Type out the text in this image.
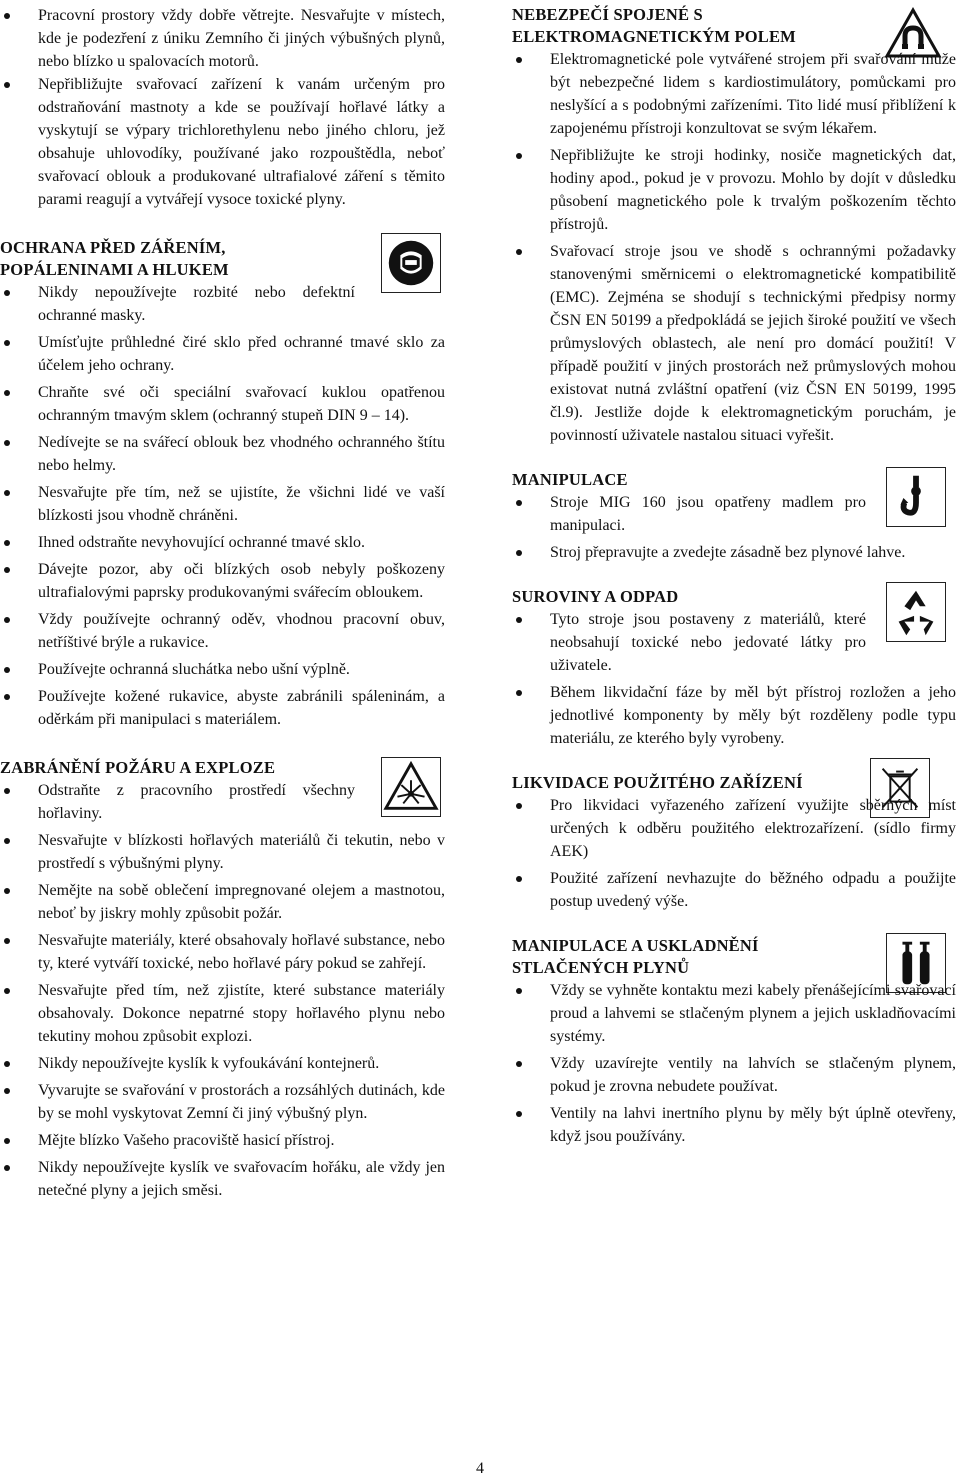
Pracovní prostory vždy dobře větrejte. Nesvařujte v místech, kde je podezření z úniku Zemního či jiných výbušných plynů, nebo blízko u spalovacích motorů.
Nepřibližujte svařovací zařízení k vanám určeným pro odstraňování mastnoty a kde se používají hořlavé látky a vyskytují se výpary trichlorethylenu nebo jiného chloru, jež obsahuje uhlovodíky, používané jako rozpouštědla, neboť svařovací oblouk a produkované ultrafialové záření s těmito parami reagují a vytvářejí vysoce toxické plyny.

OCHRANA PŘED ZÁŘENÍM,
POPÁLENINAMI A HLUKEM

Nikdy nepoužívejte rozbité nebo defektní ochranné masky.
Umísťujte průhledné čiré sklo před ochranné tmavé sklo za účelem jeho ochrany.
Chraňte své oči speciální svařovací kuklou opatřenou ochranným tmavým sklem (ochranný stupeň DIN 9 – 14).
Nedívejte se na svářecí oblouk bez vhodného ochranného štítu nebo helmy.
Nesvařujte pře tím, než se ujistíte, že všichni lidé ve vaší blízkosti jsou vhodně chráněni.
Ihned odstraňte nevyhovující ochranné tmavé sklo.
Dávejte pozor, aby oči blízkých osob nebyly poškozeny ultrafialovými paprsky produkovanými svářecím obloukem.
Vždy používejte ochranný oděv, vhodnou pracovní obuv, netříštivé brýle a rukavice.
Používejte ochranná sluchátka nebo ušní výplně.
Používejte kožené rukavice, abyste zabránili spáleninám, a oděrkám při manipulaci s materiálem.

ZABRÁNĚNÍ POŽÁRU A EXPLOZE

Odstraňte z pracovního prostředí všechny hořlaviny.
Nesvařujte v blízkosti hořlavých materiálů či tekutin, nebo v prostředí s výbušnými plyny.
Nemějte na sobě oblečení impregnované olejem a mastnotou, neboť by jiskry mohly způsobit požár.
Nesvařujte materiály, které obsahovaly hořlavé substance, nebo ty, které vytváří toxické, nebo hořlavé páry pokud se zahřejí.
Nesvařujte před tím, než zjistíte, které substance materiály obsahovaly. Dokonce nepatrné stopy hořlavého plynu nebo tekutiny mohou způsobit explozi.
Nikdy nepoužívejte kyslík k vyfoukávání kontejnerů.
Vyvarujte se svařování v prostorách a rozsáhlých dutinách, kde by se mohl vyskytovat Zemní či jiný výbušný plyn.
Mějte blízko Vašeho pracoviště hasicí přístroj.
Nikdy nepoužívejte kyslík ve svařovacím hořáku, ale vždy jen netečné plyny a jejich směsi.

NEBEZPEČÍ SPOJENÉ S
ELEKTROMAGNETICKÝM POLEM

Elektromagnetické pole vytvářené strojem při svařování může být nebezpečné lidem s kardiostimulátory, pomůckami pro neslyšící a s podobnými zařízeními. Tito lidé musí přiblížení k zapojenému přístroji konzultovat se svým lékařem.
Nepřibližujte ke stroji hodinky, nosiče magnetických dat, hodiny apod., pokud je v provozu. Mohlo by dojít v důsledku působení magnetického pole k trvalým poškozením těchto přístrojů.
Svařovací stroje jsou ve shodě s ochrannými požadavky stanovenými směrnicemi o elektromagnetické kompatibilitě (EMC). Zejména se shodují s technickými předpisy normy ČSN EN 50199 a předpokládá se jejich široké použití ve všech průmyslových oblastech, ale není pro domácí použití! V případě použití v jiných prostorách než průmyslových mohou existovat nutná zvláštní opatření (viz ČSN EN 50199, 1995 čl.9). Jestliže dojde k elektromagnetickým poruchám, je povinností uživatele nastalou situaci vyřešit.

MANIPULACE

Stroje MIG 160 jsou opatřeny madlem pro manipulaci.
Stroj přepravujte a zvedejte zásadně bez plynové lahve.

SUROVINY A ODPAD

Tyto stroje jsou postaveny z materiálů, které neobsahují toxické nebo jedovaté látky pro uživatele.
Během likvidační fáze by měl být přístroj rozložen a jeho jednotlivé komponenty by měly být rozděleny podle typu materiálu, ze kterého byly vyrobeny.

LIKVIDACE POUŽITÉHO ZAŘÍZENÍ

Pro likvidaci vyřazeného zařízení využijte sběrných míst určených k odběru použitého elektrozařízení. (sídlo firmy AEK)
Použité zařízení nevhazujte do běžného odpadu a použijte postup uvedený výše.

MANIPULACE A USKLADNĚNÍ
STLAČENÝCH PLYNŮ

Vždy se vyhněte kontaktu mezi kabely přenášejícími svařovací proud a lahvemi se stlačeným plynem a jejich uskladňovacími systémy.
Vždy uzavírejte ventily na lahvích se stlačeným plynem, pokud je zrovna nebudete používat.
Ventily na lahvi inertního plynu by měly být úplně otevřeny, když jsou používány.
4
